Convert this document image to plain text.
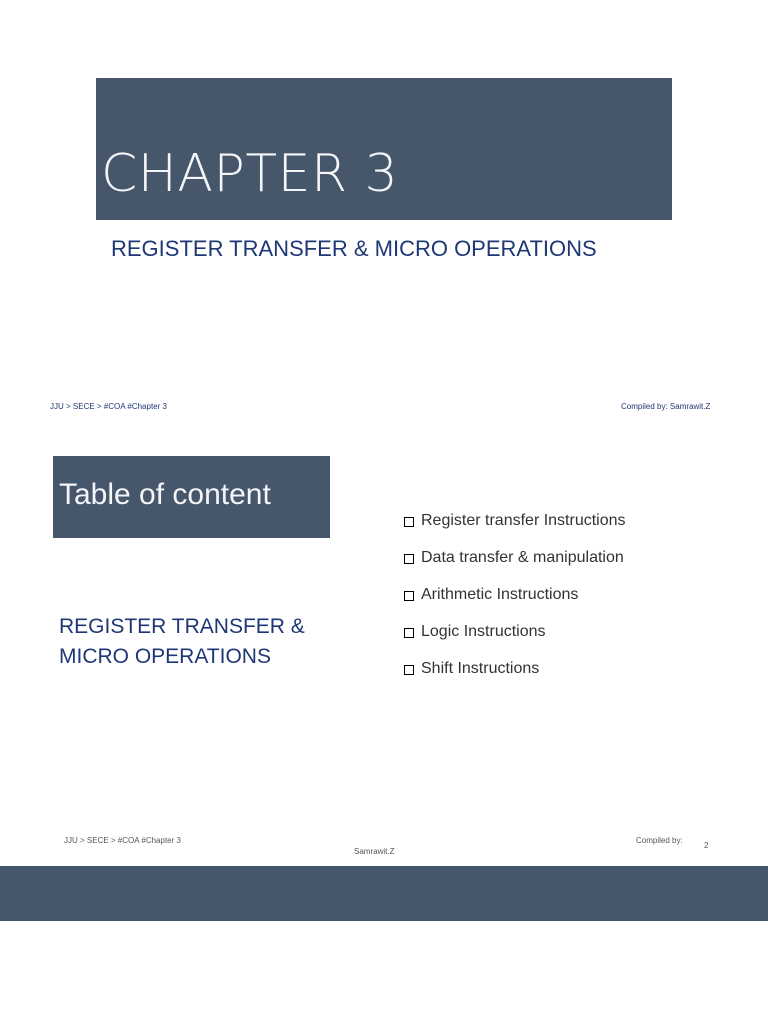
CHAPTER 3
REGISTER TRANSFER & MICRO OPERATIONS
JJU > SECE > #COA #Chapter 3	Compiled by: Samrawit.Z
Table of content
REGISTER TRANSFER & MICRO OPERATIONS
Register transfer Instructions
Data transfer & manipulation
Arithmetic Instructions
Logic Instructions
Shift Instructions
JJU > SECE > #COA #Chapter 3	Compiled by:
Samrawit.Z
2
